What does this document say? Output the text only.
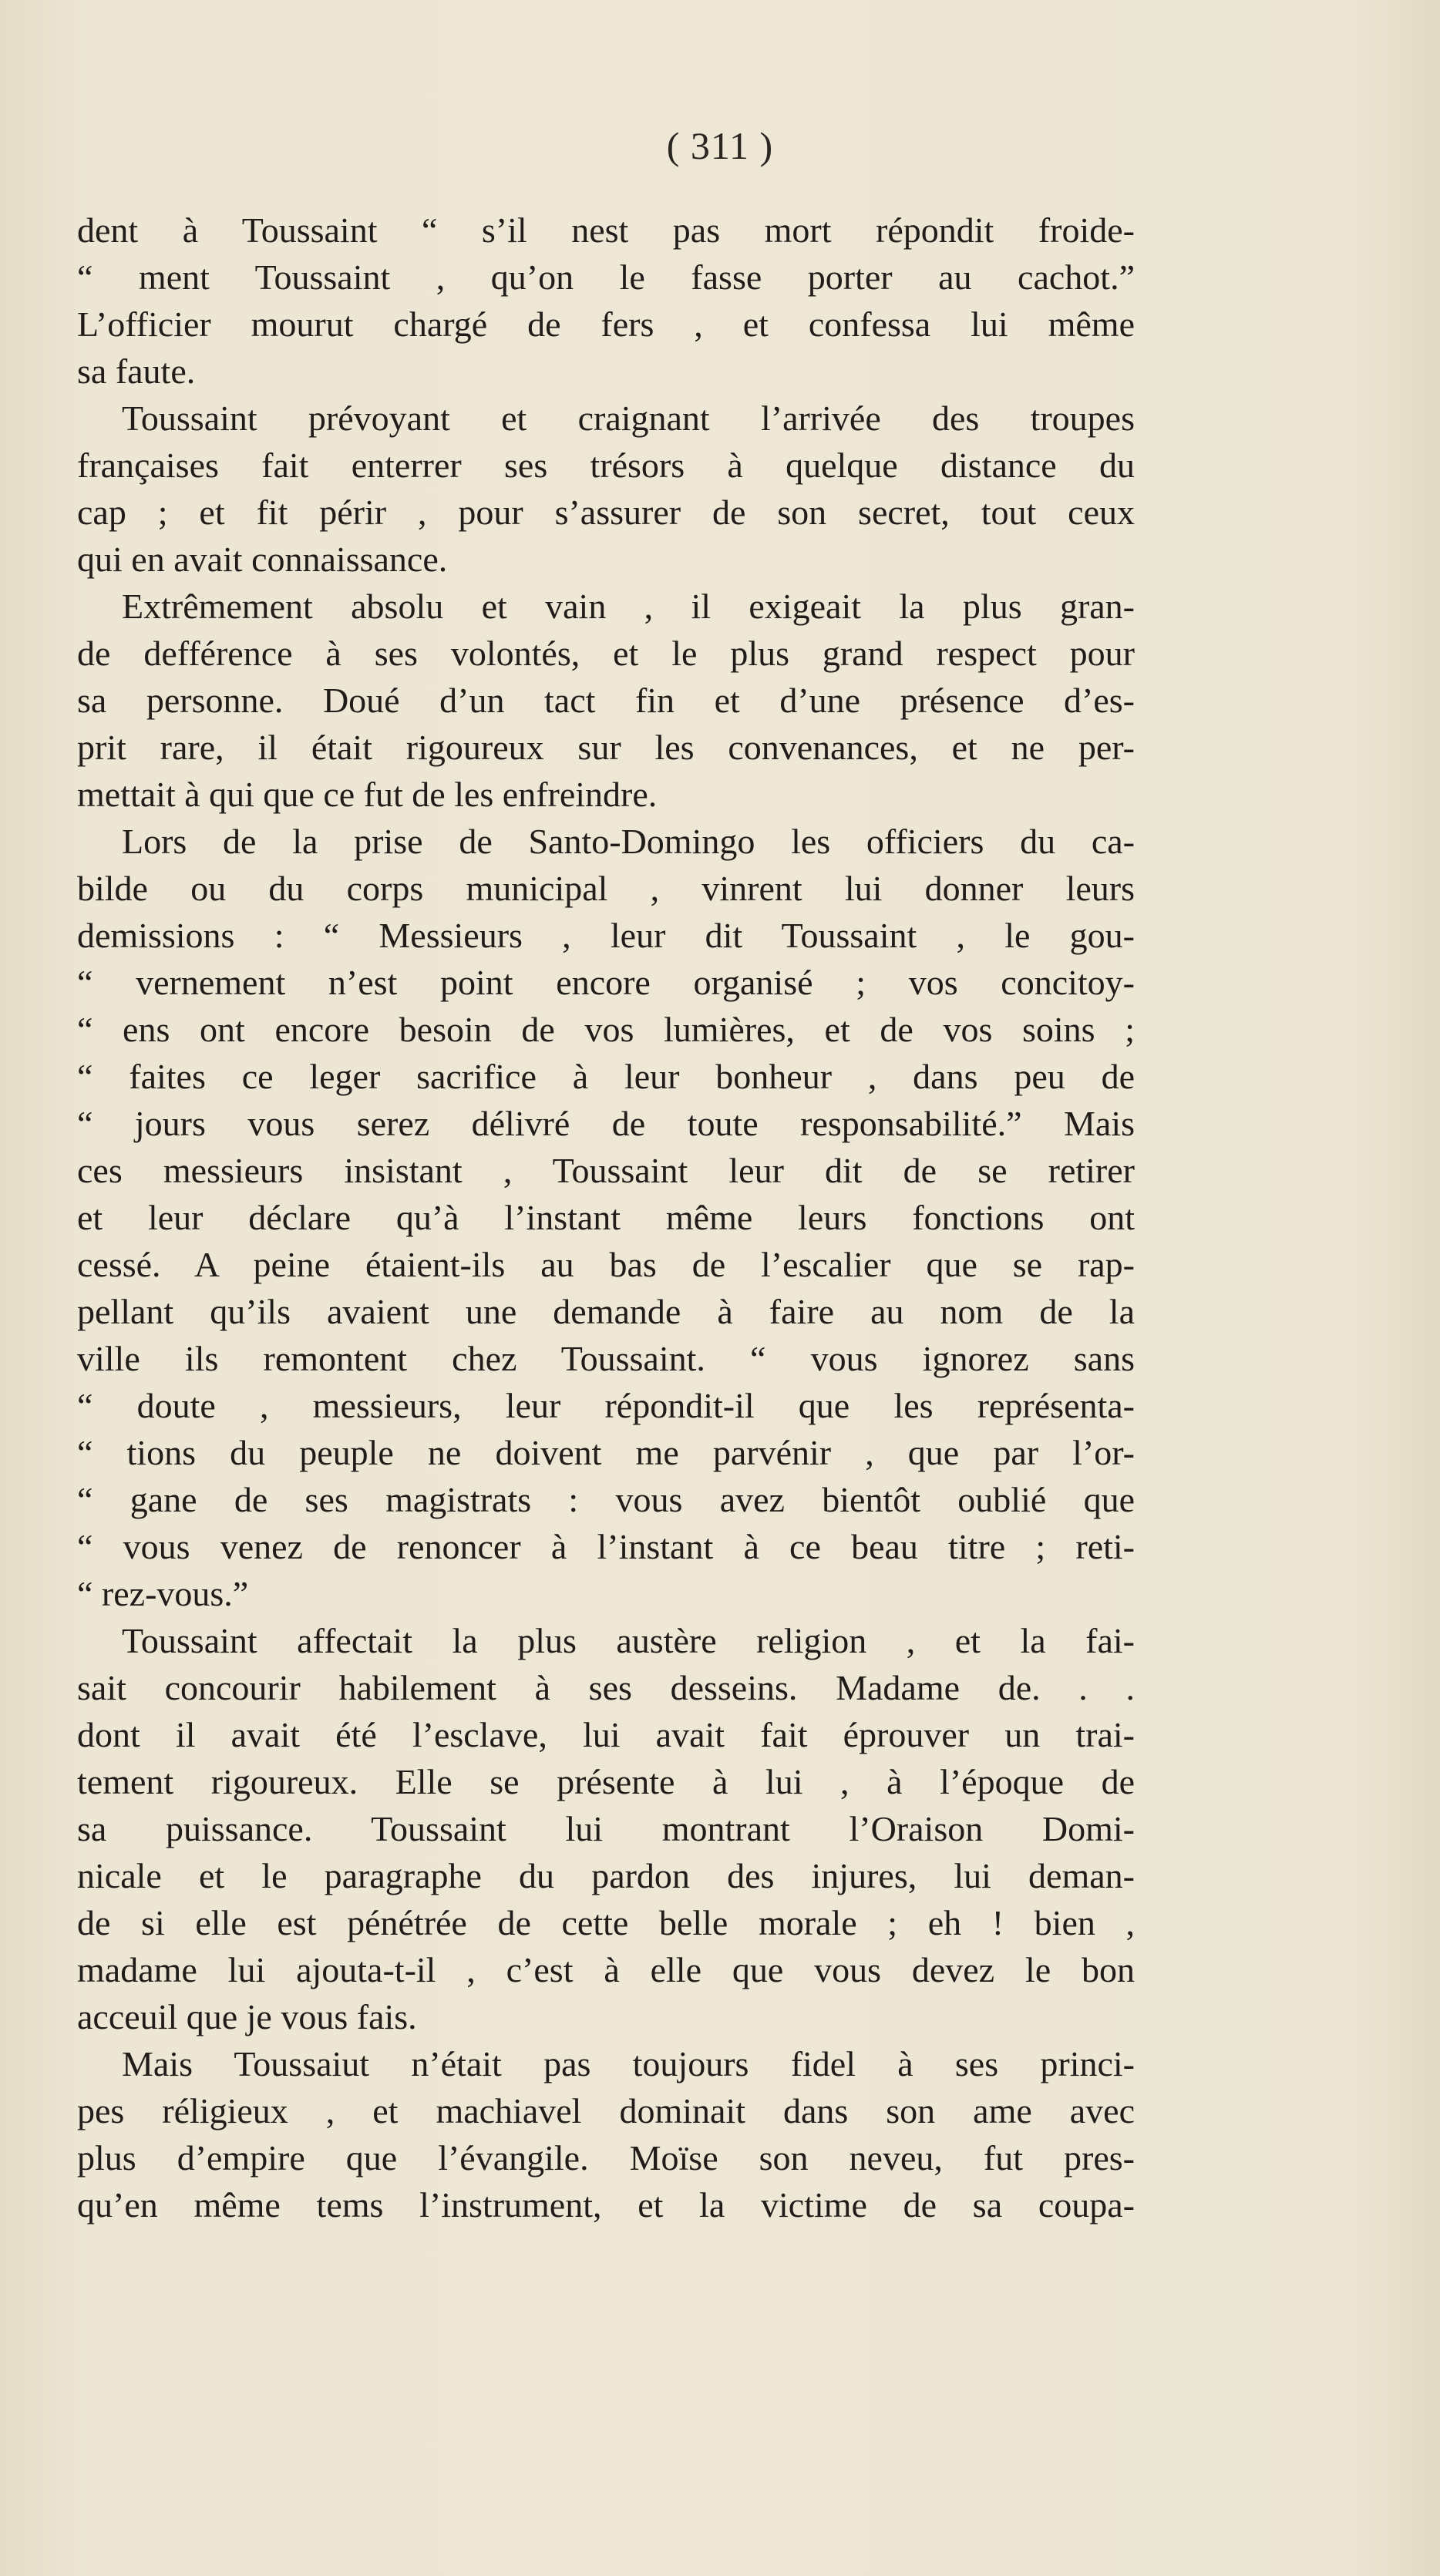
( 311 )
dent à Toussaint “ s’il nest pas mort répondit froide-
“ ment Toussaint , qu’on le fasse porter au cachot.”
L’officier mourut chargé de fers , et confessa lui même
sa faute.
Toussaint prévoyant et craignant l’arrivée des troupes
françaises fait enterrer ses trésors à quelque distance du
cap ; et fit périr , pour s’assurer de son secret, tout ceux
qui en avait connaissance.
Extrêmement absolu et vain , il exigeait la plus gran-
de defférence à ses volontés, et le plus grand respect pour
sa personne. Doué d’un tact fin et d’une présence d’es-
prit rare, il était rigoureux sur les convenances, et ne per-
mettait à qui que ce fut de les enfreindre.
Lors de la prise de Santo-Domingo les officiers du ca-
bilde ou du corps municipal , vinrent lui donner leurs
demissions : “ Messieurs , leur dit Toussaint , le gou-
“ vernement n’est point encore organisé ; vos concitoy-
“ ens ont encore besoin de vos lumières, et de vos soins ;
“ faites ce leger sacrifice à leur bonheur , dans peu de
“ jours vous serez délivré de toute responsabilité.” Mais
ces messieurs insistant , Toussaint leur dit de se retirer
et leur déclare qu’à l’instant même leurs fonctions ont
cessé. A peine étaient-ils au bas de l’escalier que se rap-
pellant qu’ils avaient une demande à faire au nom de la
ville ils remontent chez Toussaint. “ vous ignorez sans
“ doute , messieurs, leur répondit-il que les représenta-
“ tions du peuple ne doivent me parvénir , que par l’or-
“ gane de ses magistrats : vous avez bientôt oublié que
“ vous venez de renoncer à l’instant à ce beau titre ; reti-
“ rez-vous.”
Toussaint affectait la plus austère religion , et la fai-
sait concourir habilement à ses desseins. Madame de. . .
dont il avait été l’esclave, lui avait fait éprouver un trai-
tement rigoureux. Elle se présente à lui , à l’époque de
sa puissance. Toussaint lui montrant l’Oraison Domi-
nicale et le paragraphe du pardon des injures, lui deman-
de si elle est pénétrée de cette belle morale ; eh ! bien ,
madame lui ajouta-t-il , c’est à elle que vous devez le bon
acceuil que je vous fais.
Mais Toussaiut n’était pas toujours fidel à ses princi-
pes réligieux , et machiavel dominait dans son ame avec
plus d’empire que l’évangile. Moïse son neveu, fut pres-
qu’en même tems l’instrument, et la victime de sa coupa-
